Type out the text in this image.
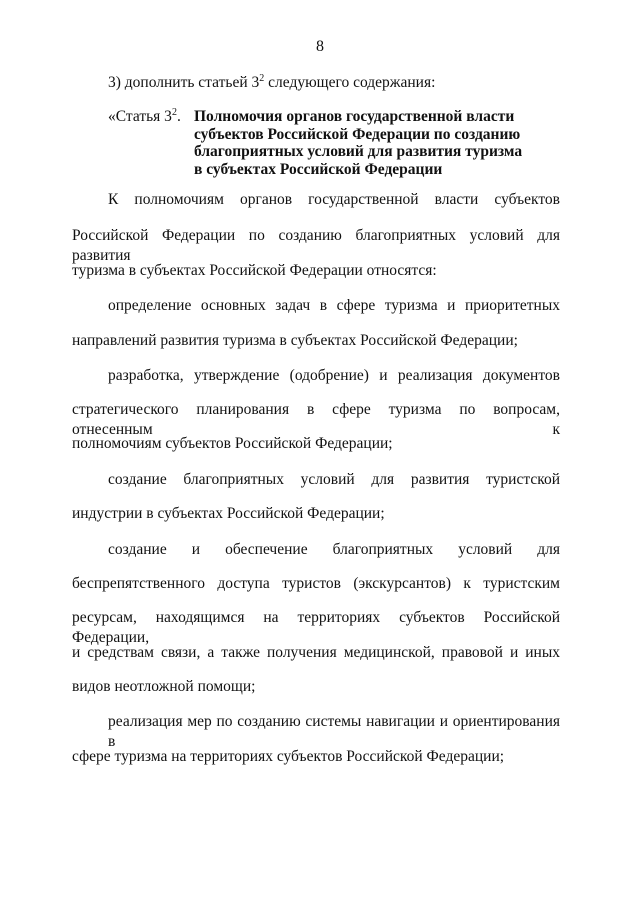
8
3) дополнить статьей $3^2$ следующего содержания:
«Статья $3^2$. Полномочия органов государственной власти
субъектов Российской Федерации по созданию
благоприятных условий для развития туризма
в субъектах Российской Федерации
К полномочиям органов государственной власти субъектов
Российской Федерации по созданию благоприятных условий для развития
туризма в субъектах Российской Федерации относятся:
определение основных задач в сфере туризма и приоритетных
направлений развития туризма в субъектах Российской Федерации;
разработка, утверждение (одобрение) и реализация документов
стратегического планирования в сфере туризма по вопросам, отнесенным к
полномочиям субъектов Российской Федерации;
создание благоприятных условий для развития туристской
индустрии в субъектах Российской Федерации;
создание и обеспечение благоприятных условий для
беспрепятственного доступа туристов (экскурсантов) к туристским
ресурсам, находящимся на территориях субъектов Российской Федерации,
и средствам связи, а также получения медицинской, правовой и иных
видов неотложной помощи;
реализация мер по созданию системы навигации и ориентирования в
сфере туризма на территориях субъектов Российской Федерации;
